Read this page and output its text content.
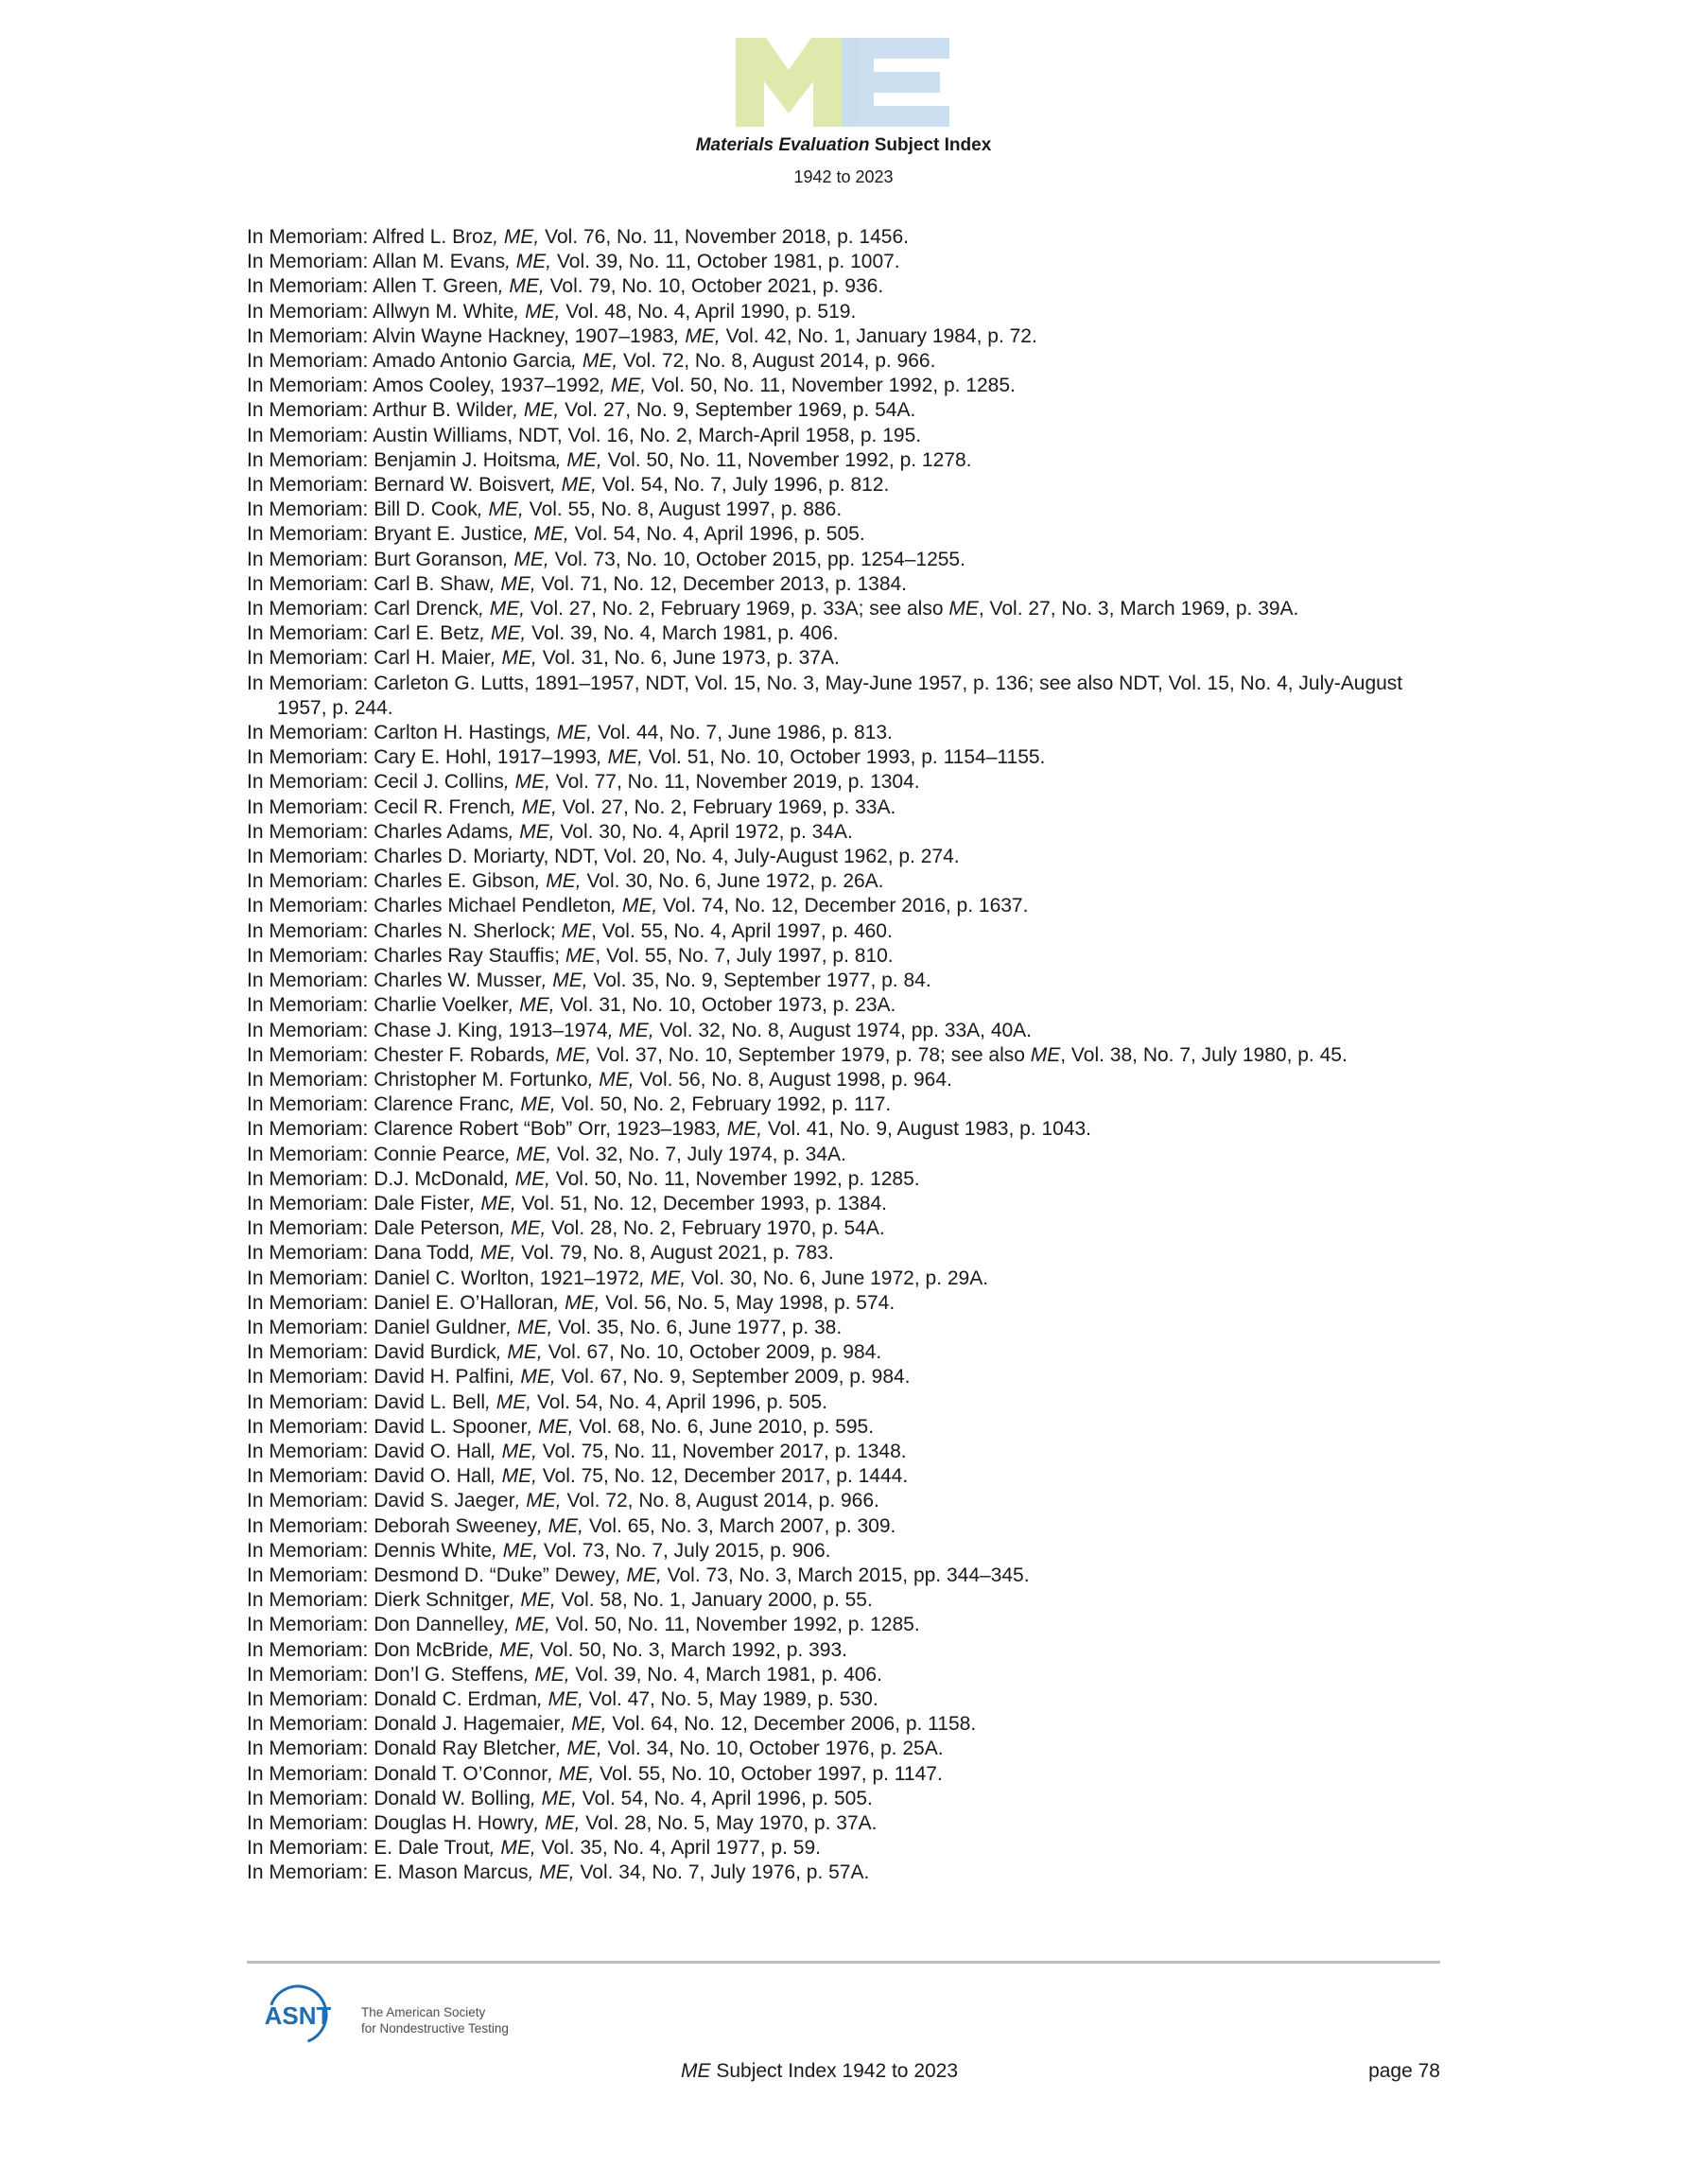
Materials Evaluation Subject Index
1942 to 2023
In Memoriam: Alfred L. Broz, ME, Vol. 76, No. 11, November 2018, p. 1456.
In Memoriam: Allan M. Evans, ME, Vol. 39, No. 11, October 1981, p. 1007.
In Memoriam: Allen T. Green, ME, Vol. 79, No. 10, October 2021, p. 936.
In Memoriam: Allwyn M. White, ME, Vol. 48, No. 4, April 1990, p. 519.
In Memoriam: Alvin Wayne Hackney, 1907–1983, ME, Vol. 42, No. 1, January 1984, p. 72.
In Memoriam: Amado Antonio Garcia, ME, Vol. 72, No. 8, August 2014, p. 966.
In Memoriam: Amos Cooley, 1937–1992, ME, Vol. 50, No. 11, November 1992, p. 1285.
In Memoriam: Arthur B. Wilder, ME, Vol. 27, No. 9, September 1969, p. 54A.
In Memoriam: Austin Williams, NDT, Vol. 16, No. 2, March-April 1958, p. 195.
In Memoriam: Benjamin J. Hoitsma, ME, Vol. 50, No. 11, November 1992, p. 1278.
In Memoriam: Bernard W. Boisvert, ME, Vol. 54, No. 7, July 1996, p. 812.
In Memoriam: Bill D. Cook, ME, Vol. 55, No. 8, August 1997, p. 886.
In Memoriam: Bryant E. Justice, ME, Vol. 54, No. 4, April 1996, p. 505.
In Memoriam: Burt Goranson, ME, Vol. 73, No. 10, October 2015, pp. 1254–1255.
In Memoriam: Carl B. Shaw, ME, Vol. 71, No. 12, December 2013, p. 1384.
In Memoriam: Carl Drenck, ME, Vol. 27, No. 2, February 1969, p. 33A; see also ME, Vol. 27, No. 3, March 1969, p. 39A.
In Memoriam: Carl E. Betz, ME, Vol. 39, No. 4, March 1981, p. 406.
In Memoriam: Carl H. Maier, ME, Vol. 31, No. 6, June 1973, p. 37A.
In Memoriam: Carleton G. Lutts, 1891–1957, NDT, Vol. 15, No. 3, May-June 1957, p. 136; see also NDT, Vol. 15, No. 4, July-August 1957, p. 244.
In Memoriam: Carlton H. Hastings, ME, Vol. 44, No. 7, June 1986, p. 813.
In Memoriam: Cary E. Hohl, 1917–1993, ME, Vol. 51, No. 10, October 1993, p. 1154–1155.
In Memoriam: Cecil J. Collins, ME, Vol. 77, No. 11, November 2019, p. 1304.
In Memoriam: Cecil R. French, ME, Vol. 27, No. 2, February 1969, p. 33A.
In Memoriam: Charles Adams, ME, Vol. 30, No. 4, April 1972, p. 34A.
In Memoriam: Charles D. Moriarty, NDT, Vol. 20, No. 4, July-August 1962, p. 274.
In Memoriam: Charles E. Gibson, ME, Vol. 30, No. 6, June 1972, p. 26A.
In Memoriam: Charles Michael Pendleton, ME, Vol. 74, No. 12, December 2016, p. 1637.
In Memoriam: Charles N. Sherlock; ME, Vol. 55, No. 4, April 1997, p. 460.
In Memoriam: Charles Ray Stauffis; ME, Vol. 55, No. 7, July 1997, p. 810.
In Memoriam: Charles W. Musser, ME, Vol. 35, No. 9, September 1977, p. 84.
In Memoriam: Charlie Voelker, ME, Vol. 31, No. 10, October 1973, p. 23A.
In Memoriam: Chase J. King, 1913–1974, ME, Vol. 32, No. 8, August 1974, pp. 33A, 40A.
In Memoriam: Chester F. Robards, ME, Vol. 37, No. 10, September 1979, p. 78; see also ME, Vol. 38, No. 7, July 1980, p. 45.
In Memoriam: Christopher M. Fortunko, ME, Vol. 56, No. 8, August 1998, p. 964.
In Memoriam: Clarence Franc, ME, Vol. 50, No. 2, February 1992, p. 117.
In Memoriam: Clarence Robert “Bob” Orr, 1923–1983, ME, Vol. 41, No. 9, August 1983, p. 1043.
In Memoriam: Connie Pearce, ME, Vol. 32, No. 7, July 1974, p. 34A.
In Memoriam: D.J. McDonald, ME, Vol. 50, No. 11, November 1992, p. 1285.
In Memoriam: Dale Fister, ME, Vol. 51, No. 12, December 1993, p. 1384.
In Memoriam: Dale Peterson, ME, Vol. 28, No. 2, February 1970, p. 54A.
In Memoriam: Dana Todd, ME, Vol. 79, No. 8, August 2021, p. 783.
In Memoriam: Daniel C. Worlton, 1921–1972, ME, Vol. 30, No. 6, June 1972, p. 29A.
In Memoriam: Daniel E. O’Halloran, ME, Vol. 56, No. 5, May 1998, p. 574.
In Memoriam: Daniel Guldner, ME, Vol. 35, No. 6, June 1977, p. 38.
In Memoriam: David Burdick, ME, Vol. 67, No. 10, October 2009, p. 984.
In Memoriam: David H. Palfini, ME, Vol. 67, No. 9, September 2009, p. 984.
In Memoriam: David L. Bell, ME, Vol. 54, No. 4, April 1996, p. 505.
In Memoriam: David L. Spooner, ME, Vol. 68, No. 6, June 2010, p. 595.
In Memoriam: David O. Hall, ME, Vol. 75, No. 11, November 2017, p. 1348.
In Memoriam: David O. Hall, ME, Vol. 75, No. 12, December 2017, p. 1444.
In Memoriam: David S. Jaeger, ME, Vol. 72, No. 8, August 2014, p. 966.
In Memoriam: Deborah Sweeney, ME, Vol. 65, No. 3, March 2007, p. 309.
In Memoriam: Dennis White, ME, Vol. 73, No. 7, July 2015, p. 906.
In Memoriam: Desmond D. “Duke” Dewey, ME, Vol. 73, No. 3, March 2015, pp. 344–345.
In Memoriam: Dierk Schnitger, ME, Vol. 58, No. 1, January 2000, p. 55.
In Memoriam: Don Dannelley, ME, Vol. 50, No. 11, November 1992, p. 1285.
In Memoriam: Don McBride, ME, Vol. 50, No. 3, March 1992, p. 393.
In Memoriam: Don’l G. Steffens, ME, Vol. 39, No. 4, March 1981, p. 406.
In Memoriam: Donald C. Erdman, ME, Vol. 47, No. 5, May 1989, p. 530.
In Memoriam: Donald J. Hagemaier, ME, Vol. 64, No. 12, December 2006, p. 1158.
In Memoriam: Donald Ray Bletcher, ME, Vol. 34, No. 10, October 1976, p. 25A.
In Memoriam: Donald T. O’Connor, ME, Vol. 55, No. 10, October 1997, p. 1147.
In Memoriam: Donald W. Bolling, ME, Vol. 54, No. 4, April 1996, p. 505.
In Memoriam: Douglas H. Howry, ME, Vol. 28, No. 5, May 1970, p. 37A.
In Memoriam: E. Dale Trout, ME, Vol. 35, No. 4, April 1977, p. 59.
In Memoriam: E. Mason Marcus, ME, Vol. 34, No. 7, July 1976, p. 57A.
ASNT The American Society
for Nondestructive Testing
ME Subject Index 1942 to 2023	page 78
